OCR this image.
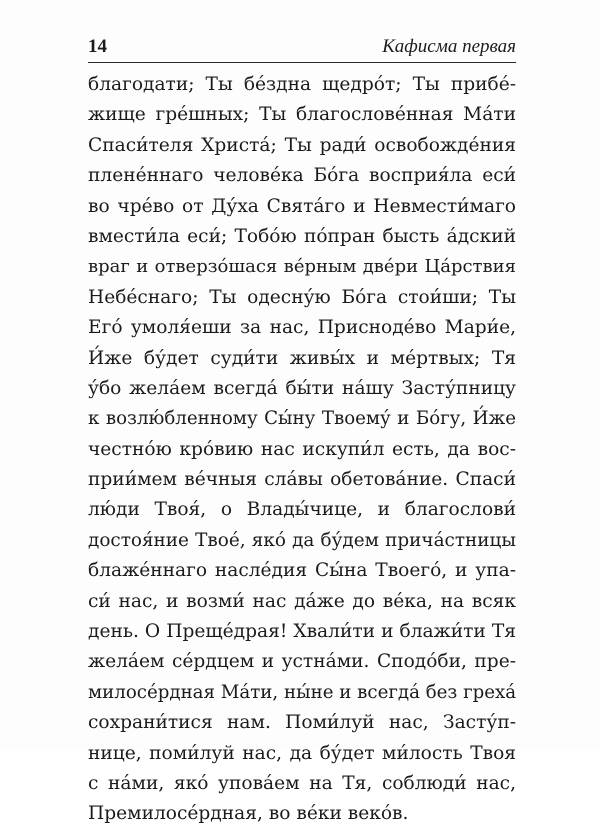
14	Кафисма первая
благодати; Ты бе́здна щедро́т; Ты прибе́-
жище гре́шных; Ты благослове́нная Ма́ти
Спаси́теля Христа́; Ты ради́ освобожде́ния
плене́ннаго челове́ка Бо́га восприя́ла еси́
во чре́во от Ду́ха Свята́го и Невмести́маго
вмести́ла еси́; Тобо́ю по́пран бысть а́дский
враг и отверзо́шася ве́рным две́ри Ца́рствия
Небе́снаго; Ты одесну́ю Бо́га стои́ши; Ты
Его́ умоля́еши за нас, Присноде́во Мари́е,
И́же бу́дет суди́ти живы́х и ме́ртвых; Тя
у́бо жела́ем всегда́ бы́ти на́шу Засту́пницу
к возлю́бленному Сы́ну Твоему́ и Бо́гу, И́же
честно́ю кро́вию нас искупи́л есть, да вос-
прии́мем ве́чныя сла́вы обетова́ние. Спаси́
лю́ди Твоя́, о Влады́чице, и благослови́
достоя́ние Твое́, яко́ да бу́дем прича́стницы
блаже́ннаго насле́дия Сы́на Твоего́, и упа-
си́ нас, и возми́ нас да́же до ве́ка, на всяк
день. О Преще́драя! Хвали́ти и блажи́ти Тя
жела́ем се́рдцем и устна́ми. Сподо́би, пре-
милосе́рдная Ма́ти, ны́не и всегда́ без греха́
сохрани́тися нам. Поми́луй нас, Засту́п-
нице, поми́луй нас, да бу́дет ми́лость Твоя
с на́ми, яко́ упова́ем на Тя, соблюди́ нас,
Премилосе́рдная, во ве́ки веко́в.
